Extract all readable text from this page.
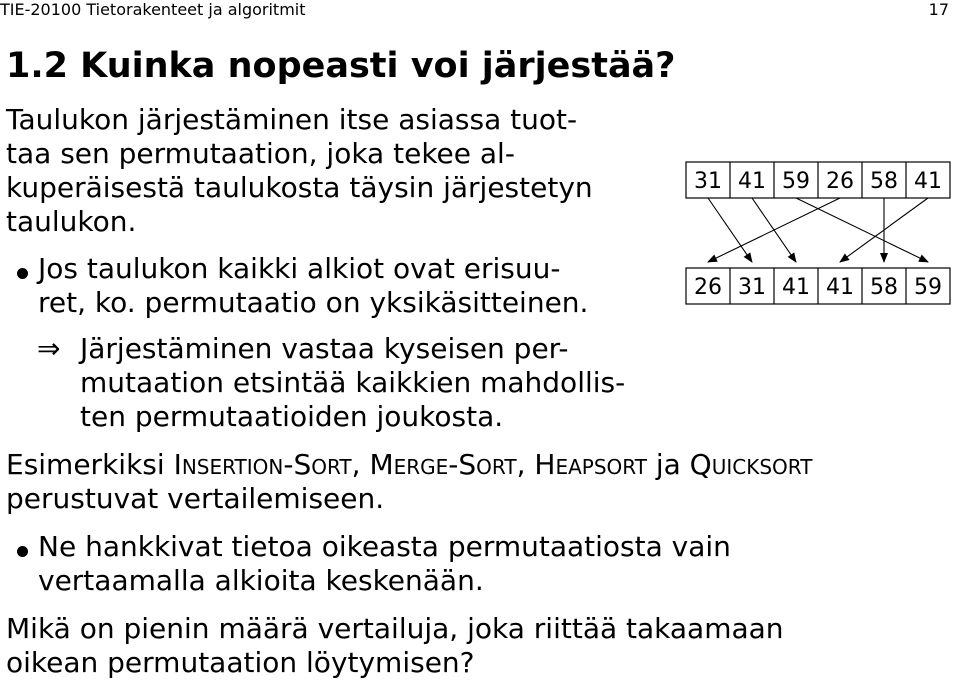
TIE-20100 Tietorakenteet ja algoritmit	17
1.2 Kuinka nopeasti voi järjestää?
Taulukon järjestäminen itse asiassa tuot-
taa sen permutaation, joka tekee al-
kuperäisestä taulukosta täysin järjestetyn
taulukon.
Jos taulukon kaikki alkiot ovat erisuu-
ret, ko. permutaatio on yksikäsitteinen.
⇒ Järjestäminen vastaa kyseisen per-
mutaation etsintää kaikkien mahdollis-
ten permutaatioiden joukosta.
Esimerkiksi Insertion-Sort, Merge-Sort, Heapsort ja Quicksort
perustuvat vertailemiseen.
Ne hankkivat tietoa oikeasta permutaatiosta vain
vertaamalla alkioita keskenään.
Mikä on pienin määrä vertailuja, joka riittää takaamaan
oikean permutaation löytymisen?
31 41 59 26 58 41
26 31 41 41 58 59
